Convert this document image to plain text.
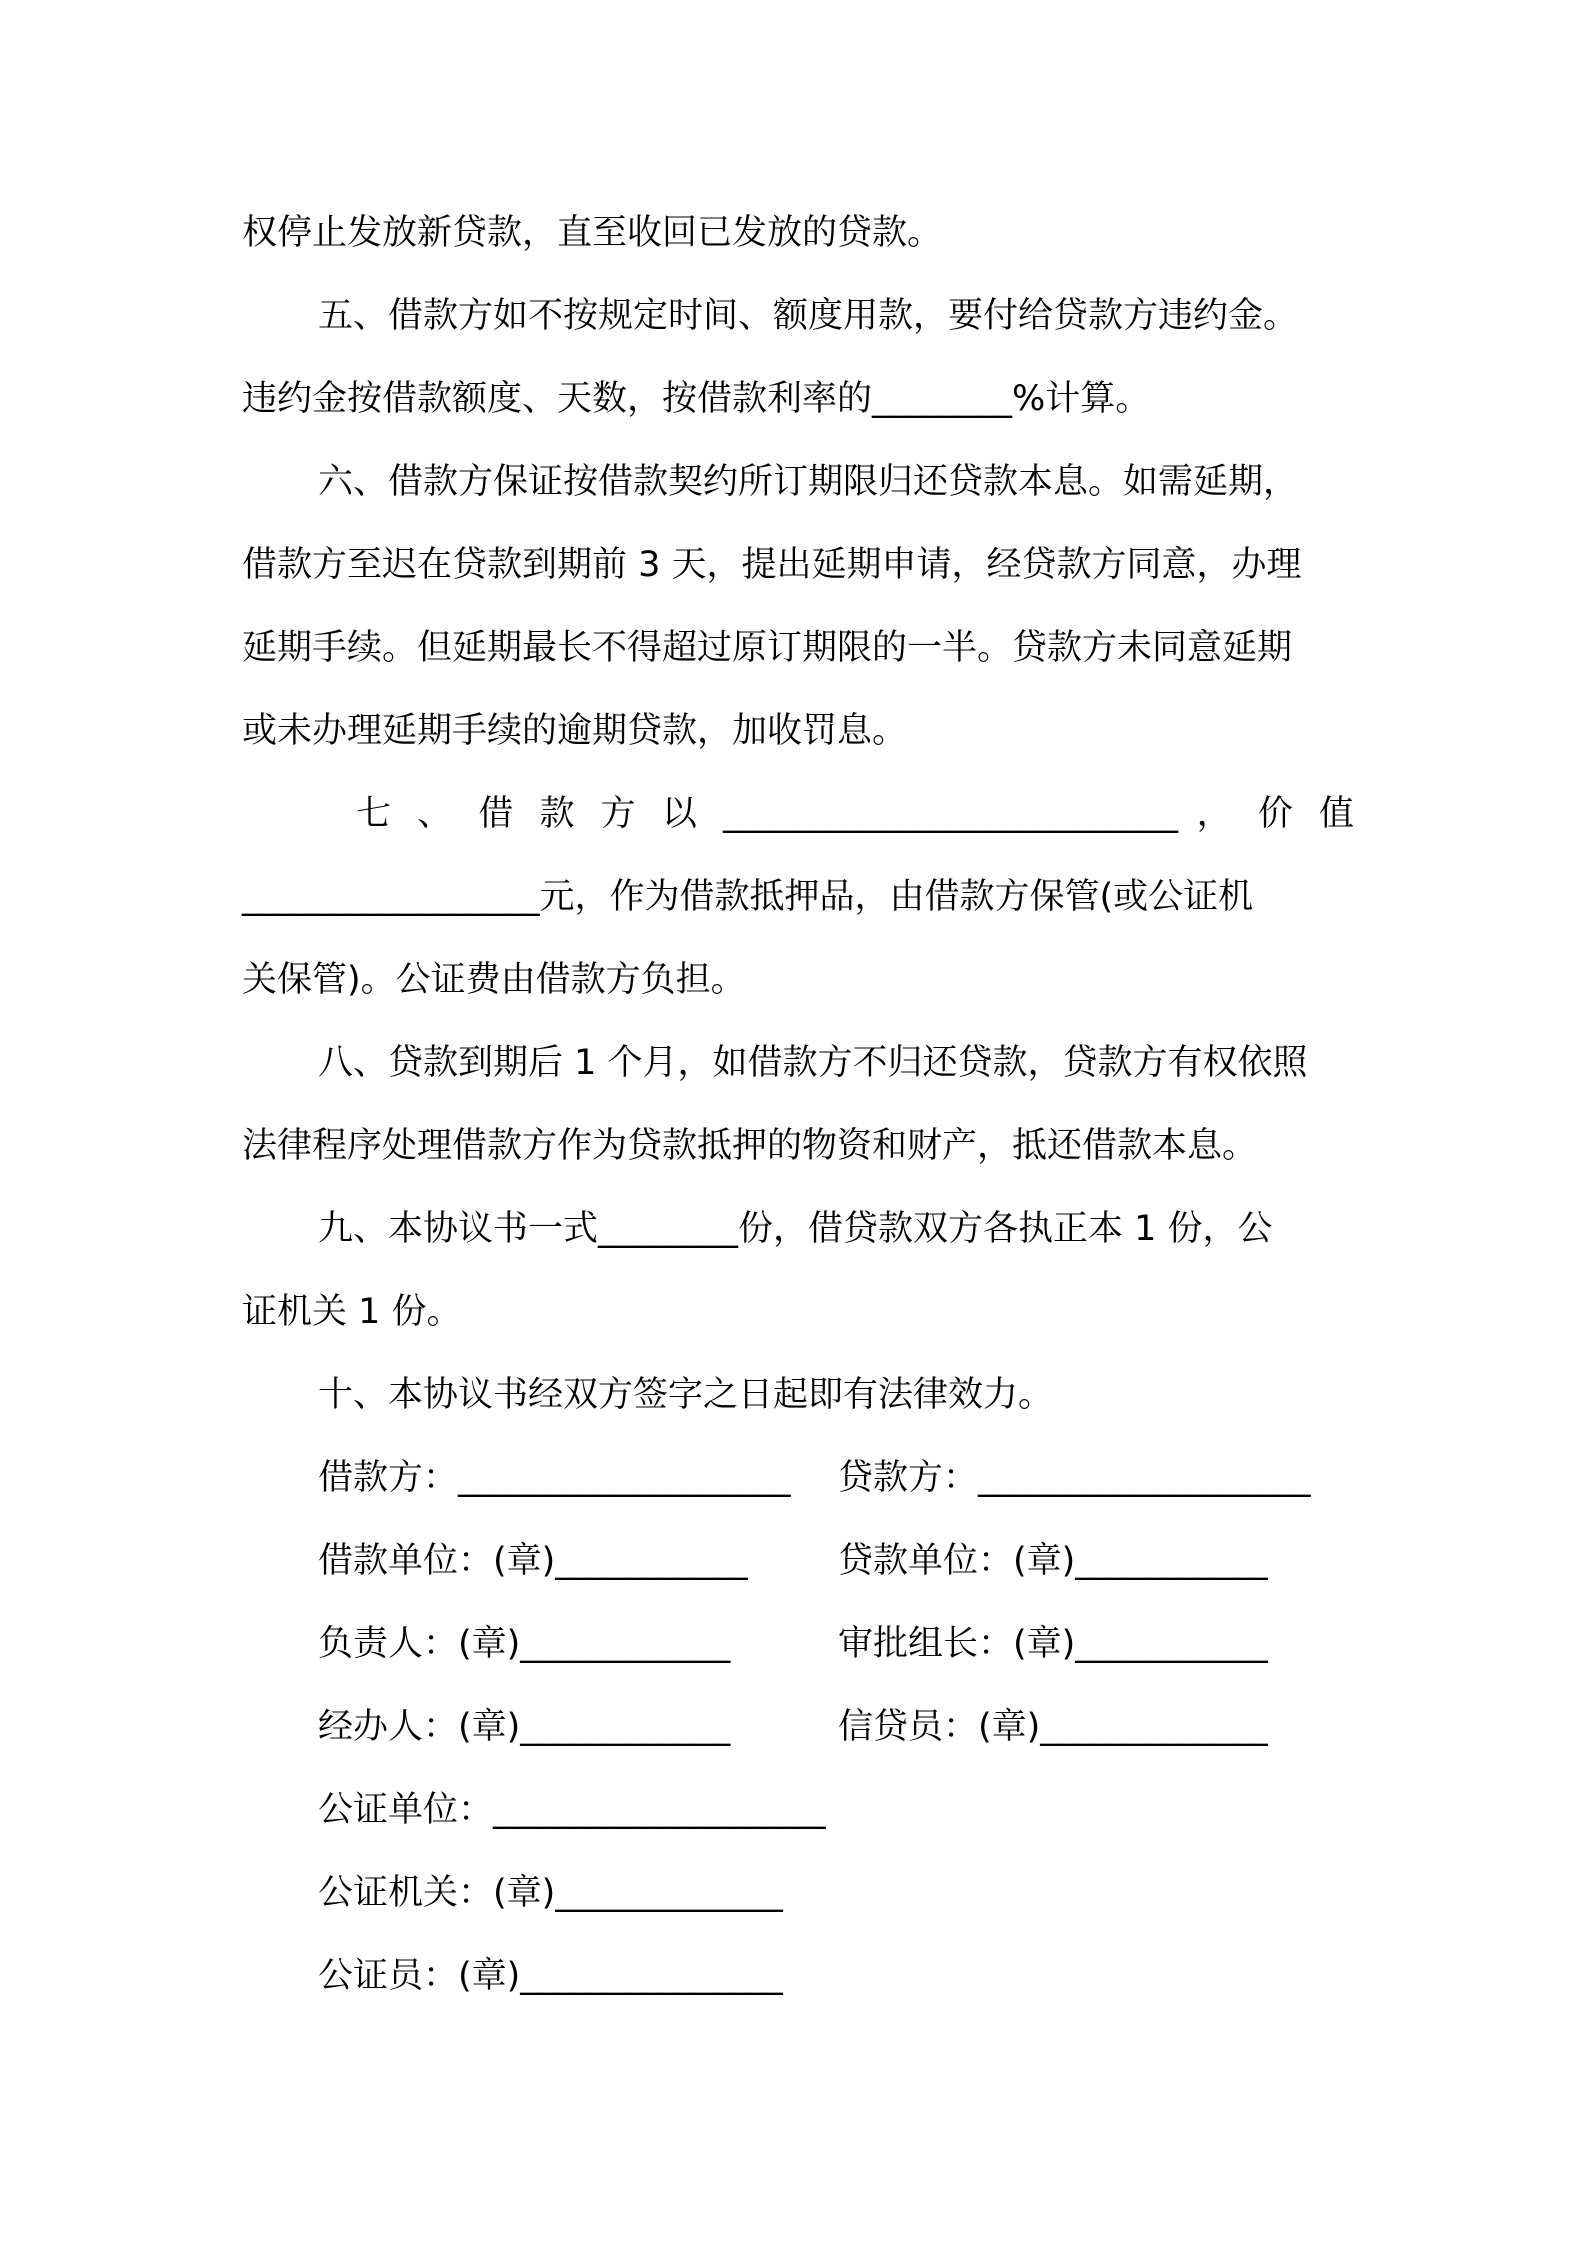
权停止发放新贷款，直至收回已发放的贷款。
五、借款方如不按规定时间、额度用款，要付给贷款方违约金。
违约金按借款额度、天数，按借款利率的________%计算。
六、借款方保证按借款契约所订期限归还贷款本息。如需延期，
借款方至迟在贷款到期前 3 天，提出延期申请，经贷款方同意，办理
延期手续。但延期最长不得超过原订期限的一半。贷款方未同意延期
或未办理延期手续的逾期贷款，加收罚息。
七 、 借 款 方 以 __________________________ ， 价 值
_________________元，作为借款抵押品，由借款方保管(或公证机
关保管)。公证费由借款方负担。
八、贷款到期后 1 个月，如借款方不归还贷款，贷款方有权依照
法律程序处理借款方作为贷款抵押的物资和财产，抵还借款本息。
九、本协议书一式________份，借贷款双方各执正本 1 份，公
证机关 1 份。
十、本协议书经双方签字之日起即有法律效力。
借款方：___________________ 贷款方：___________________
借款单位：(章)___________	贷款单位：(章)___________
负责人：(章)____________	审批组长：(章)___________
经办人：(章)____________	信贷员：(章)_____________
公证单位：___________________
公证机关：(章)_____________
公证员：(章)_______________
